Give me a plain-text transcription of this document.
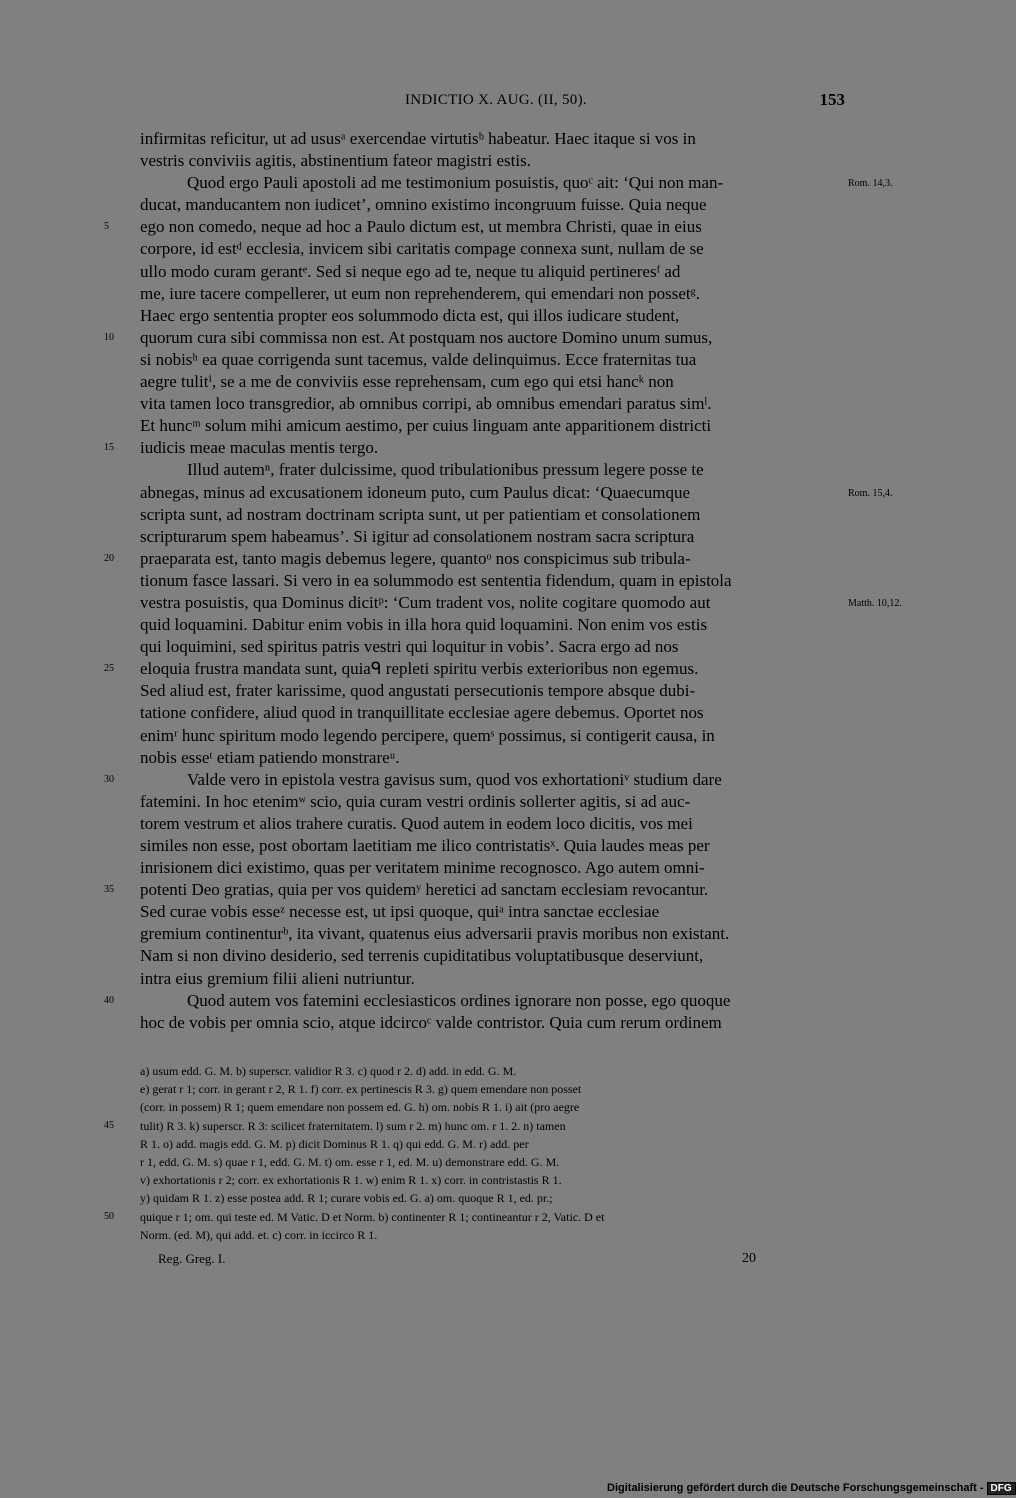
INDICTIO X. AUG. (II, 50).	153
infirmitas reficitur, ut ad ususᵃ exercendae virtutisᵇ habeatur. Haec itaque si vos in
vestris conviviis agitis, abstinentium fateor magistri estis.
Quod ergo Pauli apostoli ad me testimonium posuistis, quoᶜ ait: ‘Qui non man-	Rom. 14,3.
ducat, manducantem non iudicet’, omnino existimo incongruum fuisse. Quia neque
5 ego non comedo, neque ad hoc a Paulo dictum est, ut membra Christi, quae in eius
corpore, id estᵈ ecclesia, invicem sibi caritatis compage connexa sunt, nullam de se
ullo modo curam gerantᵉ. Sed si neque ego ad te, neque tu aliquid pertineresᶠ ad
me, iure tacere compellerer, ut eum non reprehenderem, qui emendari non possetᵍ.
Haec ergo sententia propter eos solummodo dicta est, qui illos iudicare student,
10 quorum cura sibi commissa non est. At postquam nos auctore Domino unum sumus,
si nobisʰ ea quae corrigenda sunt tacemus, valde delinquimus. Ecce fraternitas tua
aegre tulitⁱ, se a me de conviviis esse reprehensam, cum ego qui etsi hancᵏ non
vita tamen loco transgredior, ab omnibus corripi, ab omnibus emendari paratus simˡ.
Et huncᵐ solum mihi amicum aestimo, per cuius linguam ante apparitionem districti
15 iudicis meae maculas mentis tergo.
Illud autemⁿ, frater dulcissime, quod tribulationibus pressum legere posse te
abnegas, minus ad excusationem idoneum puto, cum Paulus dicat: ‘Quaecumque	Rom. 15,4.
scripta sunt, ad nostram doctrinam scripta sunt, ut per patientiam et consolationem
scripturarum spem habeamus’. Si igitur ad consolationem nostram sacra scriptura
20 praeparata est, tanto magis debemus legere, quantoᵒ nos conspicimus sub tribula-
tionum fasce lassari. Si vero in ea solummodo est sententia fidendum, quam in epistola
vestra posuistis, qua Dominus dicitᵖ: ‘Cum tradent vos, nolite cogitare quomodo aut	Matth. 10,12.
quid loquamini. Dabitur enim vobis in illa hora quid loquamini. Non enim vos estis
qui loquimini, sed spiritus patris vestri qui loquitur in vobis’. Sacra ergo ad nos
25 eloquia frustra mandata sunt, quiaᑫ repleti spiritu verbis exterioribus non egemus.
Sed aliud est, frater karissime, quod angustati persecutionis tempore absque dubi-
tatione confidere, aliud quod in tranquillitate ecclesiae agere debemus. Oportet nos
enimʳ hunc spiritum modo legendo percipere, quemˢ possimus, si contigerit causa, in
nobis esseᵗ etiam patiendo monstrareᵘ.
30	Valde vero in epistola vestra gavisus sum, quod vos exhortationiᵛ studium dare
fatemini. In hoc etenimʷ scio, quia curam vestri ordinis sollerter agitis, si ad auc-
torem vestrum et alios trahere curatis. Quod autem in eodem loco dicitis, vos mei
similes non esse, post obortam laetitiam me ilico contristatisˣ. Quia laudes meas per
inrisionem dici existimo, quas per veritatem minime recognosco. Ago autem omni-
35 potenti Deo gratias, quia per vos quidemʸ heretici ad sanctam ecclesiam revocantur.
Sed curae vobis esseᶻ necesse est, ut ipsi quoque, quiᵃ intra sanctae ecclesiae
gremium continenturᵇ, ita vivant, quatenus eius adversarii pravis moribus non existant.
Nam si non divino desiderio, sed terrenis cupiditatibus voluptatibusque deserviunt,
intra eius gremium filii alieni nutriuntur.
40	Quod autem vos fatemini ecclesiasticos ordines ignorare non posse, ego quoque
hoc de vobis per omnia scio, atque idcircoᶜ valde contristor. Quia cum rerum ordinem
a) usum edd. G. M. b) superscr. validior R 3. c) quod r 2. d) add. in edd. G. M.
e) gerat r 1; corr. in gerant r 2, R 1. f) corr. ex pertinescis R 3. g) quem emendare non posset
(corr. in possem) R 1; quem emendare non possem ed. G. h) om. nobis R 1. i) ait (pro aegre
45 tulit) R 3. k) superscr. R 3: scilicet fraternitatem. l) sum r 2. m) hunc om. r 1. 2. n) tamen
R 1. o) add. magis edd. G. M. p) dicit Dominus R 1. q) qui edd. G. M. r) add. per
r 1, edd. G. M. s) quae r 1, edd. G. M. t) om. esse r 1, ed. M. u) demonstrare edd. G. M.
v) exhortationis r 2; corr. ex exhortationis R 1. w) enim R 1. x) corr. in contristastis R 1.
y) quidam R 1. z) esse postea add. R 1; curare vobis ed. G. a) om. quoque R 1, ed. pr.;
50 quique r 1; om. qui teste ed. M Vatic. D et Norm. b) continenter R 1; contineantur r 2, Vatic. D et
Norm. (ed. M), qui add. et. c) corr. in iccirco R 1.
Reg. Greg. I.	20
Digitalisierung gefördert durch die Deutsche Forschungsgemeinschaft - DFG
